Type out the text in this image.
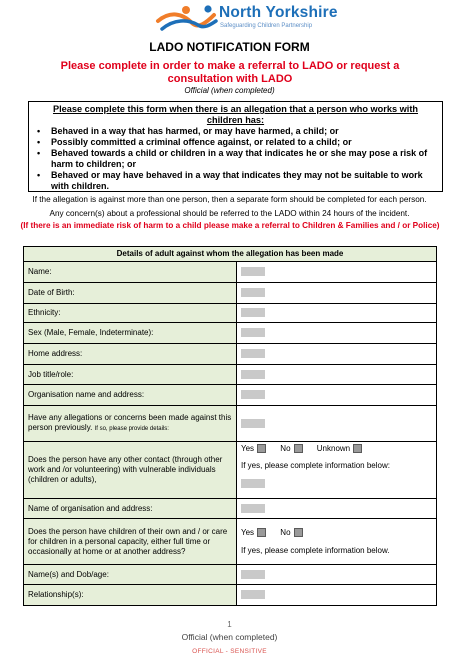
North Yorkshire
Safeguarding Children Partnership
LADO NOTIFICATION FORM
Please complete in order to make a referral to LADO or request a consultation with LADO
Official (when completed)
Please complete this form when there is an allegation that a person who works with children has:
• Behaved in a way that has harmed, or may have harmed, a child; or
• Possibly committed a criminal offence against, or related to a child; or
• Behaved towards a child or children in a way that indicates he or she may pose a risk of harm to children; or
• Behaved or may have behaved in a way that indicates they may not be suitable to work with children.
If the allegation is against more than one person, then a separate form should be completed for each person.
Any concern(s) about a professional should be referred to the LADO within 24 hours of the incident.
(If there is an immediate risk of harm to a child please make a referral to Children & Families and / or Police)
Details of adult against whom the allegation has been made	
Name:	
Date of Birth:	
Ethnicity:	
Sex (Male, Female, Indeterminate):	
Home address:	
Job title/role:	
Organisation name and address:	
Have any allegations or concerns been made against this person previously. If so, please provide details:	
Does the person have any other contact (through other work and /or volunteering) with vulnerable individuals (children or adults),	Yes No Unknown
If yes, please complete information below:

Name of organisation and address:	
Does the person have children of their own and / or care for children in a personal capacity, either full time or occasionally at home or at another address?	Yes No
If yes, please complete information below.

Name(s) and Dob/age:	
Relationship(s):	
1
Official (when completed)
OFFICIAL - SENSITIVE
